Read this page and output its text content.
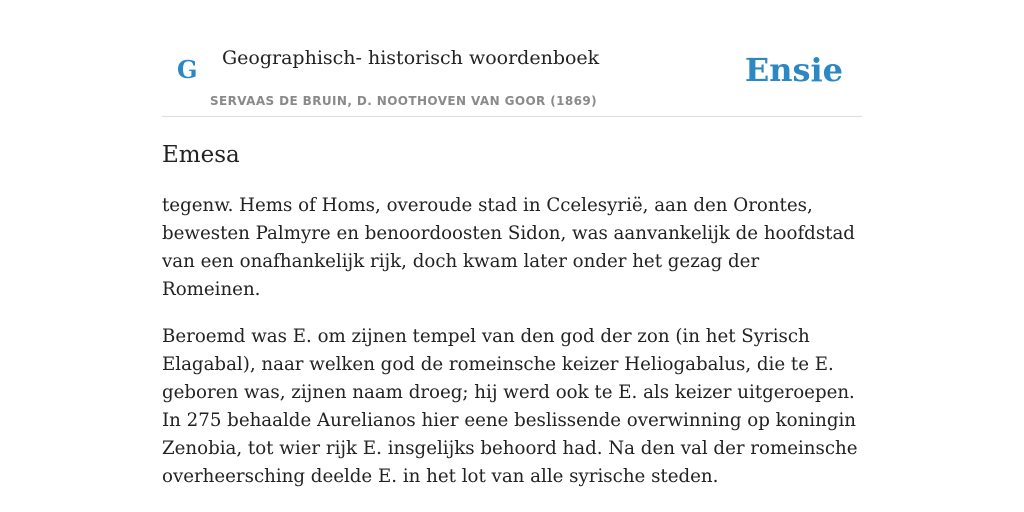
G Geographisch- historisch woordenboek
SERVAAS DE BRUIN, D. NOOTHOVEN VAN GOOR (1869)
Ensie
Emesa

tegenw. Hems of Homs, overoude stad in Ccelesyrië, aan den Orontes, bewesten Palmyre en benoordoosten Sidon, was aanvankelijk de hoofdstad van een onafhankelijk rijk, doch kwam later onder het gezag der Romeinen.

Beroemd was E. om zijnen tempel van den god der zon (in het Syrisch Elagabal), naar welken god de romeinsche keizer Heliogabalus, die te E. geboren was, zijnen naam droeg; hij werd ook te E. als keizer uitgeroepen. In 275 behaalde Aurelianos hier eene beslissende overwinning op koningin Zenobia, tot wier rijk E. insgelijks behoord had. Na den val der romeinsche overheersching deelde E. in het lot van alle syrische steden.
